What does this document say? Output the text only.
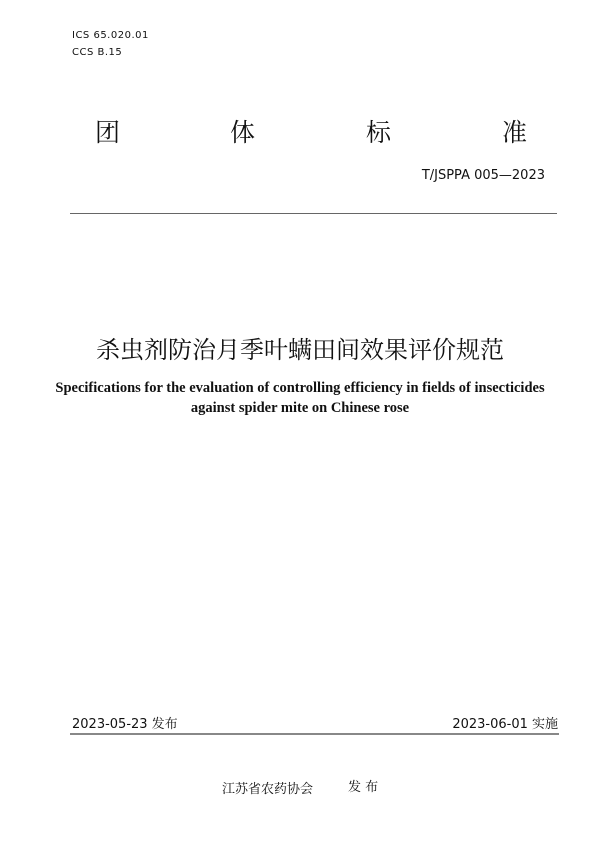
ICS 65.020.01
CCS B.15
团	体	标	准
T/JSPPA 005—2023
杀虫剂防治月季叶螨田间效果评价规范
Specifications for the evaluation of controlling efficiency in fields of insecticides
against spider mite on Chinese rose
2023-05-23 发布	2023-06-01 实施
江苏省农药协会	发 布
